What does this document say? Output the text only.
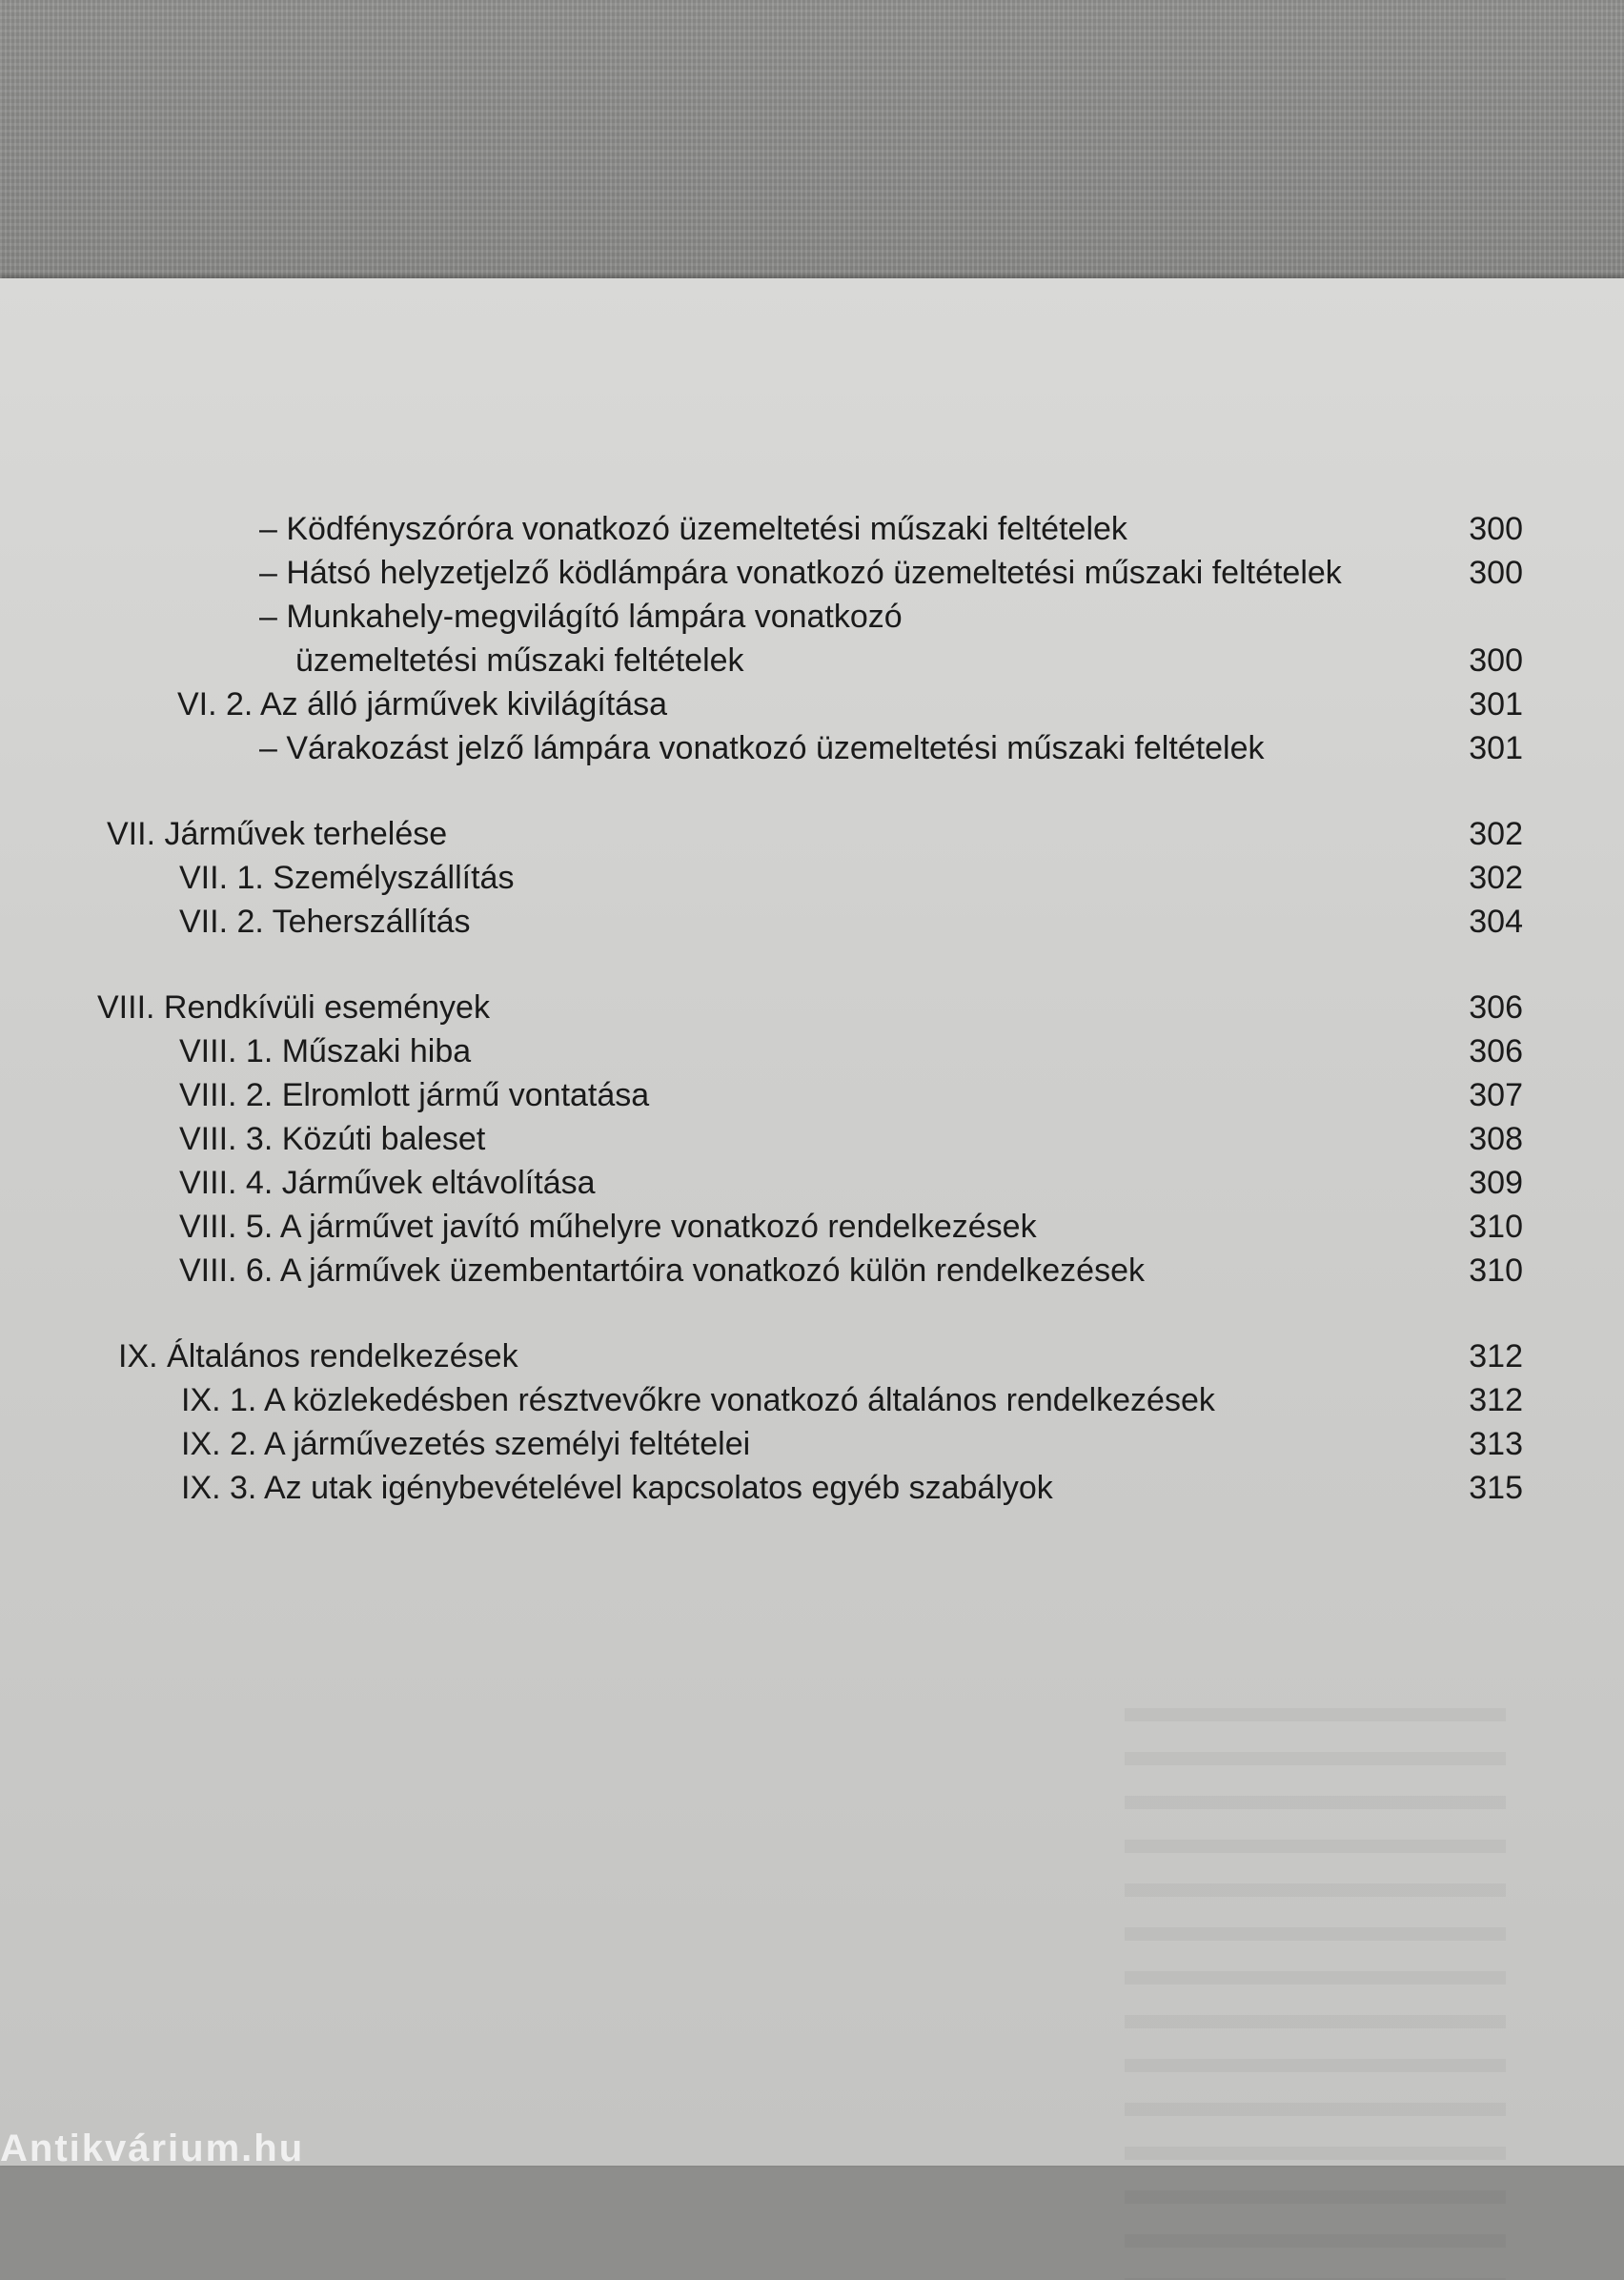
– Ködfényszóróra vonatkozó üzemeltetési műszaki feltételek	300
– Hátsó helyzetjelző ködlámpára vonatkozó üzemeltetési műszaki feltételek	300
– Munkahely-megvilágító lámpára vonatkozó
üzemeltetési műszaki feltételek	300
VI. 2. Az álló járművek kivilágítása	301
– Várakozást jelző lámpára vonatkozó üzemeltetési műszaki feltételek	301
VII. Járművek terhelése	302
VII. 1. Személyszállítás	302
VII. 2. Teherszállítás	304
VIII. Rendkívüli események	306
VIII. 1. Műszaki hiba	306
VIII. 2. Elromlott jármű vontatása	307
VIII. 3. Közúti baleset	308
VIII. 4. Járművek eltávolítása	309
VIII. 5. A járművet javító műhelyre vonatkozó rendelkezések	310
VIII. 6. A járművek üzembentartóira vonatkozó külön rendelkezések	310
IX. Általános rendelkezések	312
IX. 1. A közlekedésben résztvevőkre vonatkozó általános rendelkezések	312
IX. 2. A járművezetés személyi feltételei	313
IX. 3. Az utak igénybevételével kapcsolatos egyéb szabályok	315
Antikvárium.hu
